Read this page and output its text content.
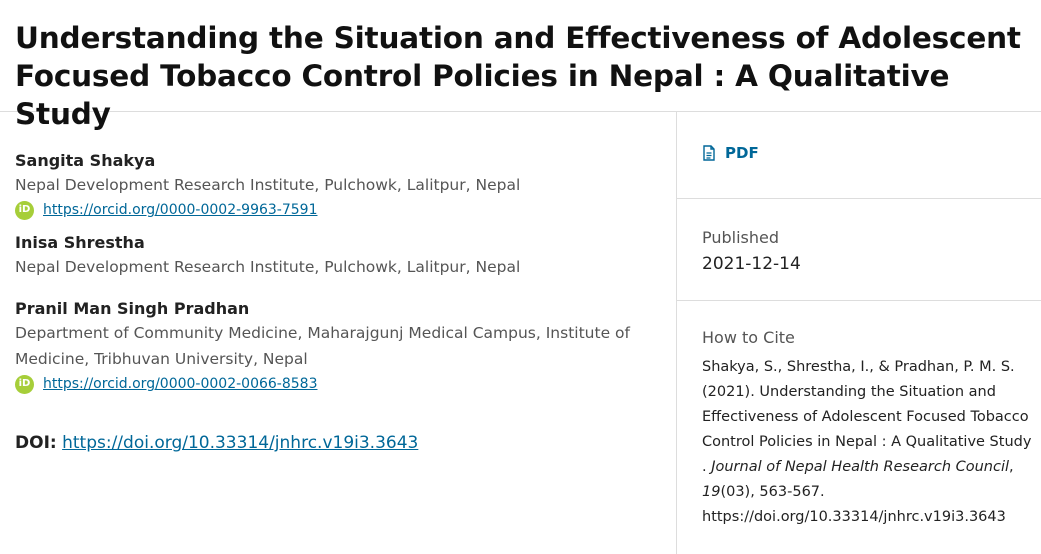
Understanding the Situation and Effectiveness of Adolescent Focused Tobacco Control Policies in Nepal : A Qualitative Study
Sangita Shakya
Nepal Development Research Institute, Pulchowk, Lalitpur, Nepal
iD https://orcid.org/0000-0002-9963-7591
Inisa Shrestha
Nepal Development Research Institute, Pulchowk, Lalitpur, Nepal
Pranil Man Singh Pradhan
Department of Community Medicine, Maharajgunj Medical Campus, Institute of Medicine, Tribhuvan University, Nepal
iD https://orcid.org/0000-0002-0066-8583
DOI: https://doi.org/10.33314/jnhrc.v19i3.3643
PDF
Published
2021-12-14
How to Cite
Shakya, S., Shrestha, I., & Pradhan, P. M. S. (2021). Understanding the Situation and Effectiveness of Adolescent Focused Tobacco Control Policies in Nepal : A Qualitative Study . Journal of Nepal Health Research Council, 19(03), 563-567. https://doi.org/10.33314/jnhrc.v19i3.3643
